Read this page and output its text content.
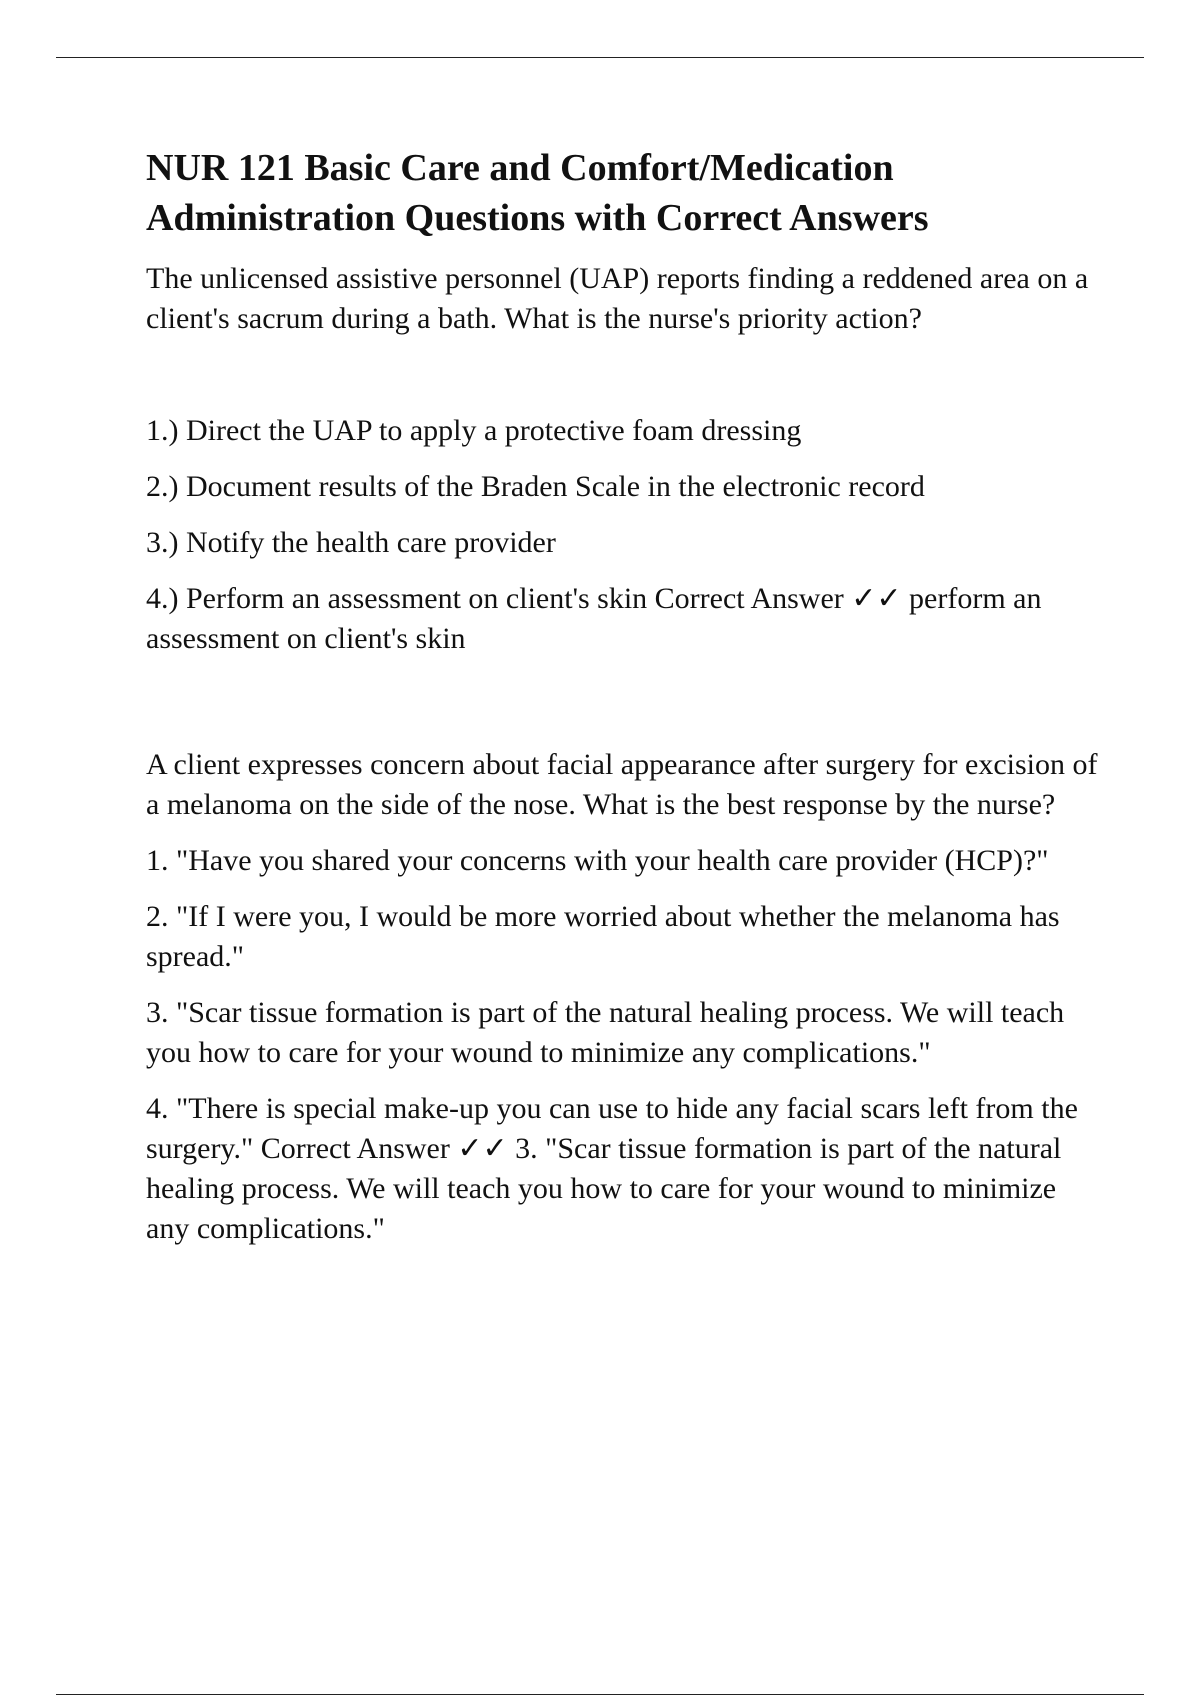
NUR 121 Basic Care and Comfort/Medication Administration Questions with Correct Answers

The unlicensed assistive personnel (UAP) reports finding a reddened area on a client's sacrum during a bath. What is the nurse's priority action?

1.) Direct the UAP to apply a protective foam dressing

2.) Document results of the Braden Scale in the electronic record

3.) Notify the health care provider

4.) Perform an assessment on client's skin Correct Answer ✓✓ perform an assessment on client's skin

A client expresses concern about facial appearance after surgery for excision of a melanoma on the side of the nose. What is the best response by the nurse?

1. "Have you shared your concerns with your health care provider (HCP)?"

2. "If I were you, I would be more worried about whether the melanoma has spread."

3. "Scar tissue formation is part of the natural healing process. We will teach you how to care for your wound to minimize any complications."

4. "There is special make-up you can use to hide any facial scars left from the surgery." Correct Answer ✓✓ 3. "Scar tissue formation is part of the natural healing process. We will teach you how to care for your wound to minimize any complications."
